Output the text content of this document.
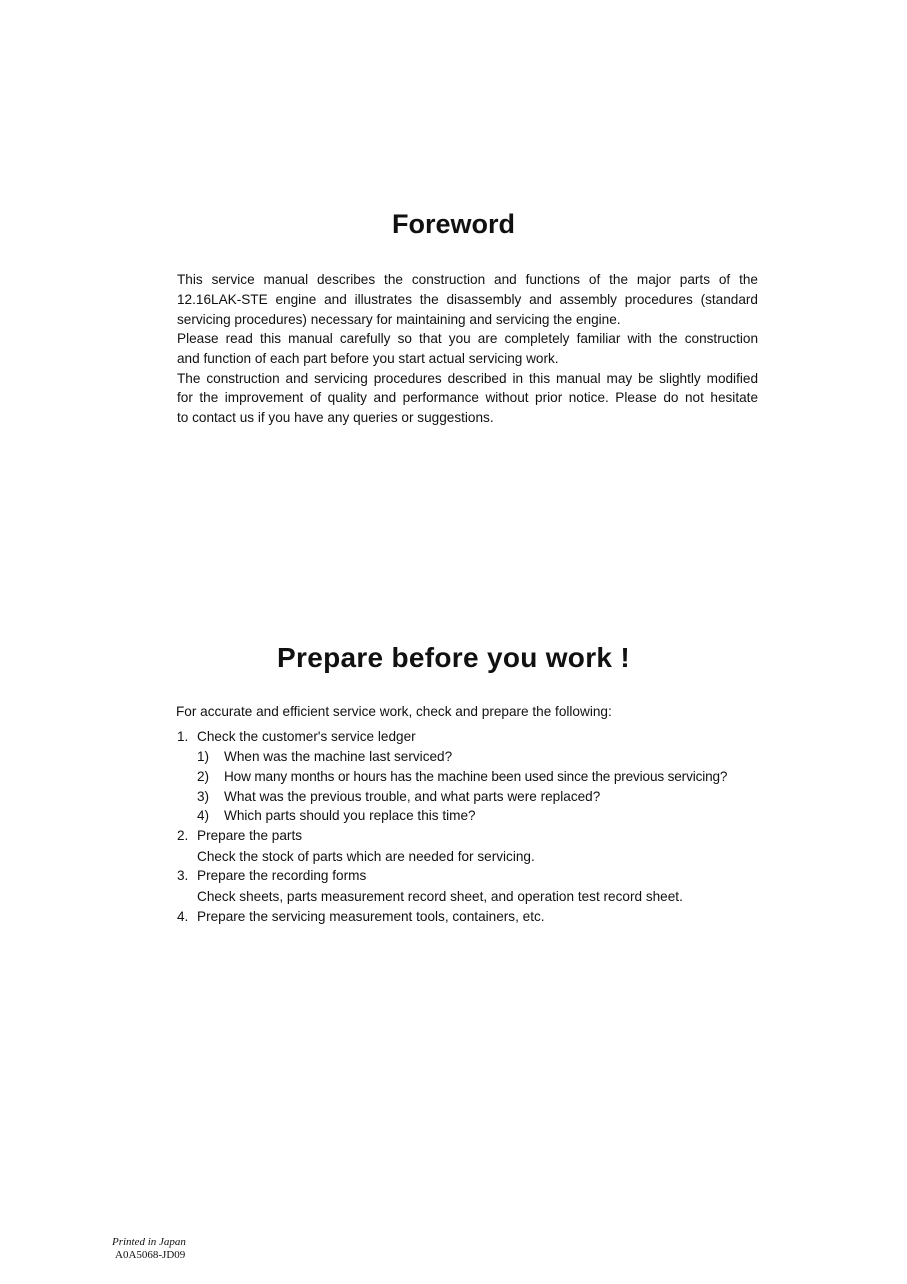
Foreword
This service manual describes the construction and functions of the major parts of the
12.16LAK-STE engine and illustrates the disassembly and assembly procedures (standard
servicing procedures) necessary for maintaining and servicing the engine.
Please read this manual carefully so that you are completely familiar with the construction
and function of each part before you start actual servicing work.
The construction and servicing procedures described in this manual may be slightly modified
for the improvement of quality and performance without prior notice. Please do not hesitate
to contact us if you have any queries or suggestions.
Prepare before you work !
For accurate and efficient service work, check and prepare the following:
1. Check the customer's service ledger
1) When was the machine last serviced?
2) How many months or hours has the machine been used since the previous servicing?
3) What was the previous trouble, and what parts were replaced?
4) Which parts should you replace this time?
2. Prepare the parts
Check the stock of parts which are needed for servicing.
3. Prepare the recording forms
Check sheets, parts measurement record sheet, and operation test record sheet.
4. Prepare the servicing measurement tools, containers, etc.
Printed in Japan
A0A5068-JD09
